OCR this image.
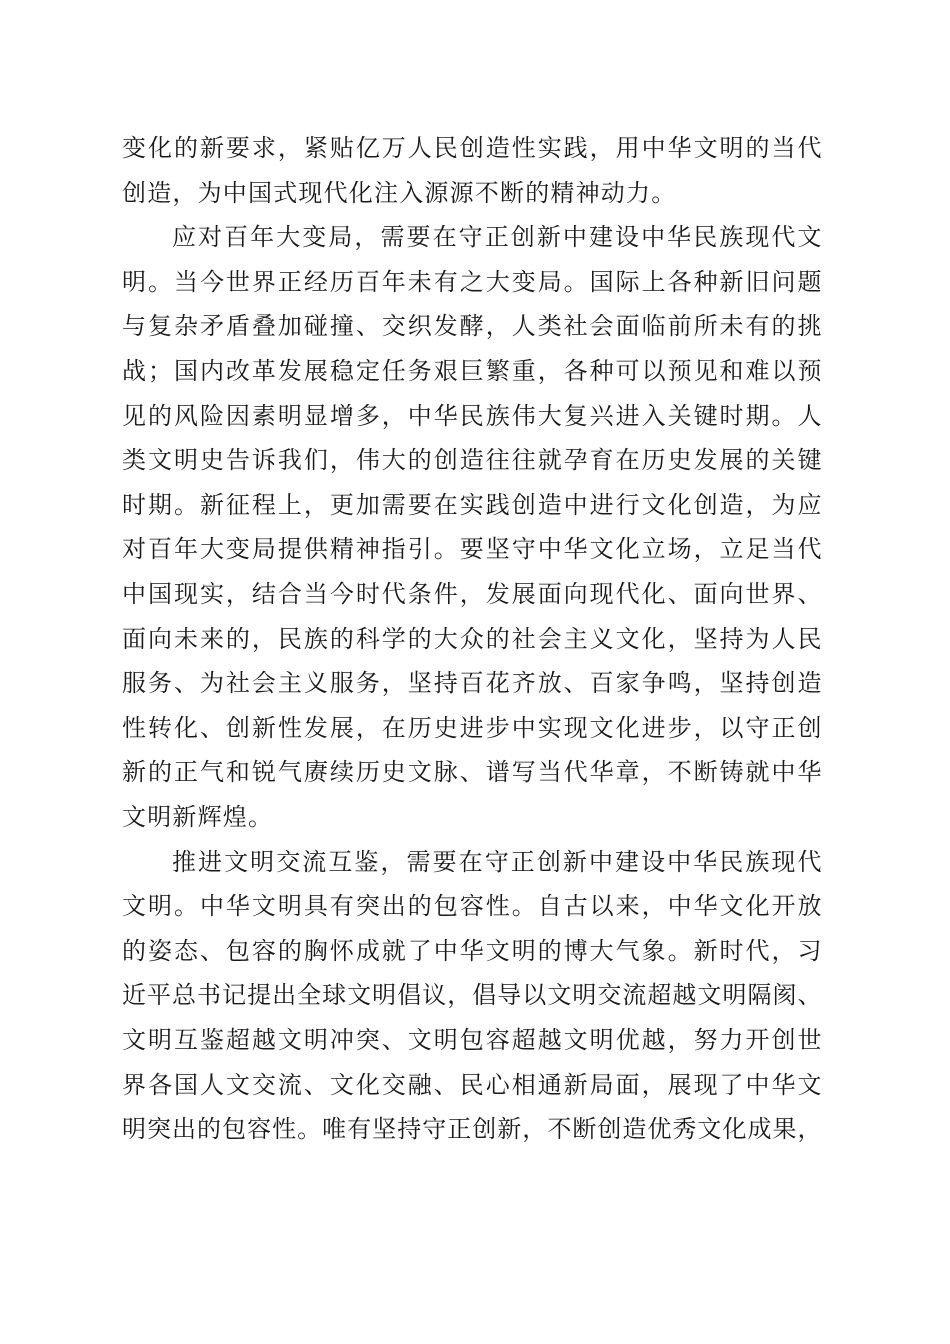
变化的新要求，紧贴亿万人民创造性实践，用中华文明的当代
创造，为中国式现代化注入源源不断的精神动力。
应对百年大变局，需要在守正创新中建设中华民族现代文
明。当今世界正经历百年未有之大变局。国际上各种新旧问题
与复杂矛盾叠加碰撞、交织发酵，人类社会面临前所未有的挑
战；国内改革发展稳定任务艰巨繁重，各种可以预见和难以预
见的风险因素明显增多，中华民族伟大复兴进入关键时期。人
类文明史告诉我们，伟大的创造往往就孕育在历史发展的关键
时期。新征程上，更加需要在实践创造中进行文化创造，为应
对百年大变局提供精神指引。要坚守中华文化立场，立足当代
中国现实，结合当今时代条件，发展面向现代化、面向世界、
面向未来的，民族的科学的大众的社会主义文化，坚持为人民
服务、为社会主义服务，坚持百花齐放、百家争鸣，坚持创造
性转化、创新性发展，在历史进步中实现文化进步，以守正创
新的正气和锐气赓续历史文脉、谱写当代华章，不断铸就中华
文明新辉煌。
推进文明交流互鉴，需要在守正创新中建设中华民族现代
文明。中华文明具有突出的包容性。自古以来，中华文化开放
的姿态、包容的胸怀成就了中华文明的博大气象。新时代，习
近平总书记提出全球文明倡议，倡导以文明交流超越文明隔阂、
文明互鉴超越文明冲突、文明包容超越文明优越，努力开创世
界各国人文交流、文化交融、民心相通新局面，展现了中华文
明突出的包容性。唯有坚持守正创新，不断创造优秀文化成果，
